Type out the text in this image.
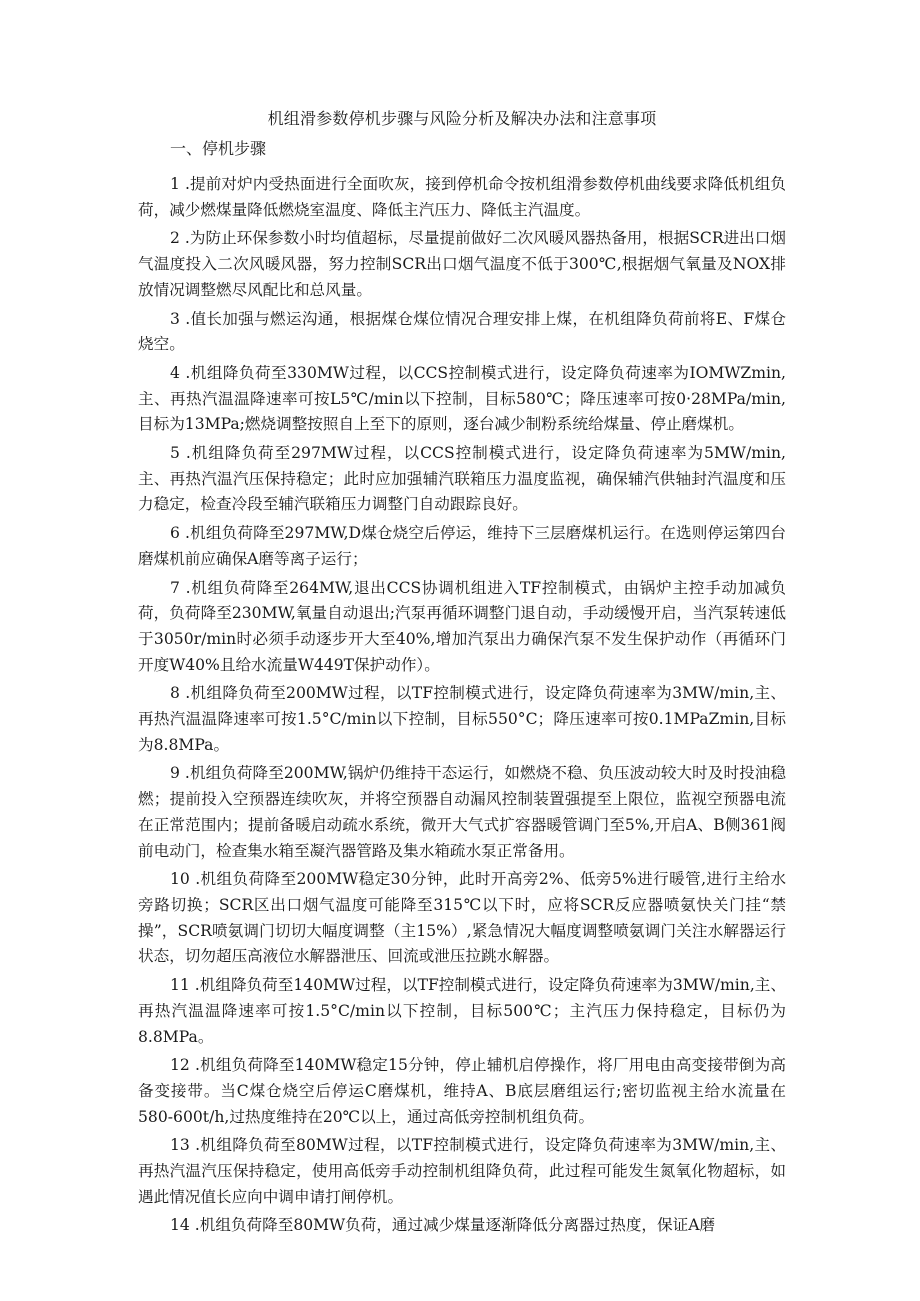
机组滑参数停机步骤与风险分析及解决办法和注意事项
一、停机步骤

1 .提前对炉内受热面进行全面吹灰，接到停机命令按机组滑参数停机曲线要求降低机组负荷，减少燃煤量降低燃烧室温度、降低主汽压力、降低主汽温度。

2 .为防止环保参数小时均值超标，尽量提前做好二次风暖风器热备用，根据SCR进出口烟气温度投入二次风暖风器，努力控制SCR出口烟气温度不低于300℃,根据烟气氧量及NOX排放情况调整燃尽风配比和总风量。

3 .值长加强与燃运沟通，根据煤仓煤位情况合理安排上煤，在机组降负荷前将E、F煤仓烧空。

4 .机组降负荷至330MW过程，以CCS控制模式进行，设定降负荷速率为IOMWZmin,主、再热汽温温降速率可按L5℃/min以下控制，目标580℃；降压速率可按0·28MPa/min,目标为13MPa;燃烧调整按照自上至下的原则，逐台减少制粉系统给煤量、停止磨煤机。

5 .机组降负荷至297MW过程，以CCS控制模式进行，设定降负荷速率为5MW/min,主、再热汽温汽压保持稳定；此时应加强辅汽联箱压力温度监视，确保辅汽供轴封汽温度和压力稳定，检查冷段至辅汽联箱压力调整门自动跟踪良好。

6 .机组负荷降至297MW,D煤仓烧空后停运，维持下三层磨煤机运行。在选则停运第四台磨煤机前应确保A磨等离子运行；

7 .机组负荷降至264MW,退出CCS协调机组进入TF控制模式，由锅炉主控手动加减负荷，负荷降至230MW,氧量自动退出;汽泵再循环调整门退自动，手动缓慢开启，当汽泵转速低于3050r/min时必须手动逐步开大至40%,增加汽泵出力确保汽泵不发生保护动作（再循环门开度W40%且给水流量W449T保护动作）。

8 .机组降负荷至200MW过程，以TF控制模式进行，设定降负荷速率为3MW/min,主、再热汽温温降速率可按1.5°C/min以下控制，目标550°C；降压速率可按0.1MPaZmin,目标为8.8MPa。

9 .机组负荷降至200MW,锅炉仍维持干态运行，如燃烧不稳、负压波动较大时及时投油稳燃；提前投入空预器连续吹灰，并将空预器自动漏风控制装置强提至上限位，监视空预器电流在正常范围内；提前备暖启动疏水系统，微开大气式扩容器暖管调门至5%,开启A、B侧361阀前电动门，检查集水箱至凝汽器管路及集水箱疏水泵正常备用。

10 .机组负荷降至200MW稳定30分钟，此时开高旁2%、低旁5%进行暖管,进行主给水旁路切换；SCR区出口烟气温度可能降至315℃以下时，应将SCR反应器喷氨快关门挂“禁操”，SCR喷氨调门切切大幅度调整（主15%）,紧急情况大幅度调整喷氨调门关注水解器运行状态，切勿超压高液位水解器泄压、回流或泄压拉跳水解器。

11 .机组降负荷至140MW过程，以TF控制模式进行，设定降负荷速率为3MW/min,主、再热汽温温降速率可按1.5°C/min以下控制，目标500℃；主汽压力保持稳定，目标仍为8.8MPa。

12 .机组负荷降至140MW稳定15分钟，停止辅机启停操作，将厂用电由高变接带倒为高备变接带。当C煤仓烧空后停运C磨煤机，维持A、B底层磨组运行;密切监视主给水流量在580-600t/h,过热度维持在20℃以上，通过高低旁控制机组负荷。

13 .机组降负荷至80MW过程，以TF控制模式进行，设定降负荷速率为3MW/min,主、再热汽温汽压保持稳定，使用高低旁手动控制机组降负荷，此过程可能发生氮氧化物超标，如遇此情况值长应向中调申请打闸停机。

14 .机组负荷降至80MW负荷，通过减少煤量逐渐降低分离器过热度，保证A磨
